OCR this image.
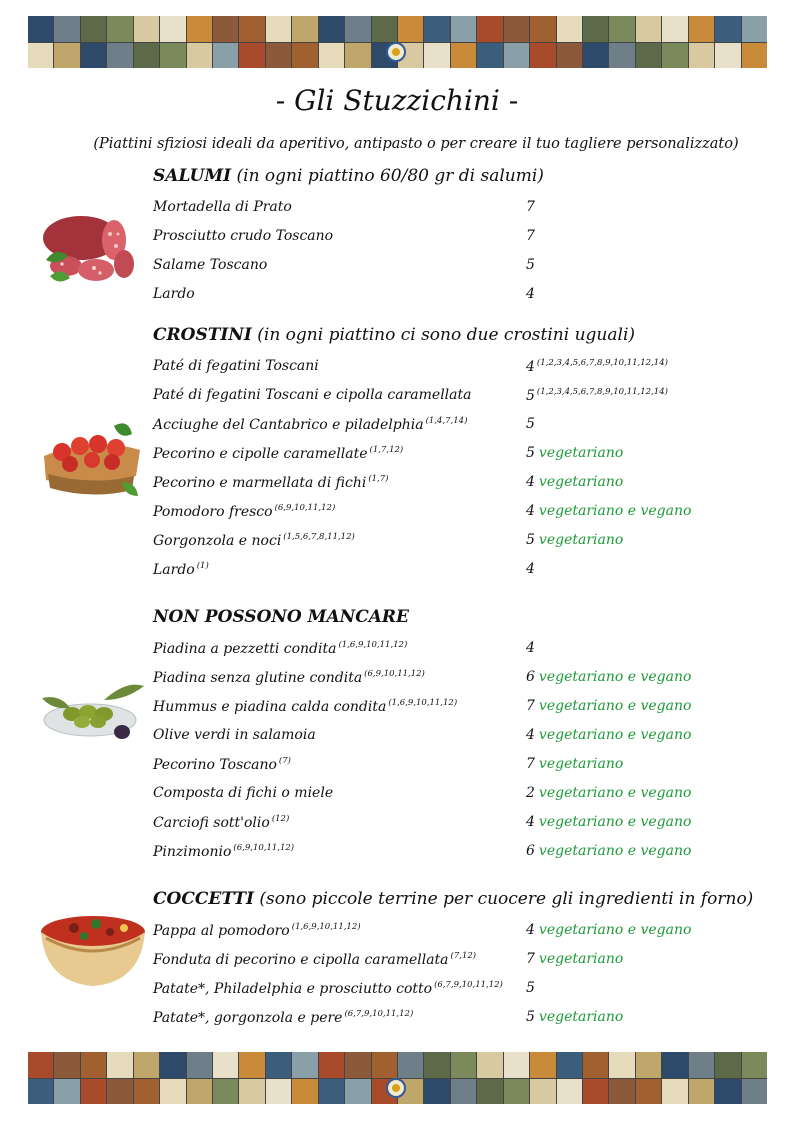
- Gli Stuzzichini -
(Piattini sfiziosi ideali da aperitivo, antipasto o per creare il tuo tagliere personalizzato)
SALUMI (in ogni piattino 60/80 gr di salumi)
Mortadella di Prato	7
Prosciutto crudo Toscano	7
Salame Toscano	5
Lardo	4
CROSTINI (in ogni piattino ci sono due crostini uguali)
Paté di fegatini Toscani	4 $^{(1,2,3,4,5,6,7,8,9,10,11,12,14)}$
Paté di fegatini Toscani e cipolla caramellata	5 $^{(1,2,3,4,5,6,7,8,9,10,11,12,14)}$
Acciughe del Cantabrico e piladelphia $^{(1,4,7,14)}$	5
Pecorino e cipolle caramellate $^{(1,7,12)}$	5 vegetariano
Pecorino e marmellata di fichi $^{(1,7)}$	4 vegetariano
Pomodoro fresco $^{(6,9,10,11,12)}$	4 vegetariano e vegano
Gorgonzola e noci $^{(1,5,6,7,8,11,12)}$	5 vegetariano
Lardo $^{(1)}$	4
NON POSSONO MANCARE
Piadina a pezzetti condita $^{(1,6,9,10,11,12)}$	4
Piadina senza glutine condita $^{(6,9,10,11,12)}$	6 vegetariano e vegano
Hummus e piadina calda condita $^{(1,6,9,10,11,12)}$	7 vegetariano e vegano
Olive verdi in salamoia	4 vegetariano e vegano
Pecorino Toscano $^{(7)}$	7 vegetariano
Composta di fichi o miele	2 vegetariano e vegano
Carciofi sott'olio $^{(12)}$	4 vegetariano e vegano
Pinzimonio $^{(6,9,10,11,12)}$	6 vegetariano e vegano
COCCETTI (sono piccole terrine per cuocere gli ingredienti in forno)
Pappa al pomodoro $^{(1,6,9,10,11,12)}$	4 vegetariano e vegano
Fonduta di pecorino e cipolla caramellata $^{(7,12)}$	7 vegetariano
Patate*, Philadelphia e prosciutto cotto $^{(6,7,9,10,11,12)}$ 5
Patate*, gorgonzola e pere $^{(6,7,9,10,11,12)}$	5 vegetariano
